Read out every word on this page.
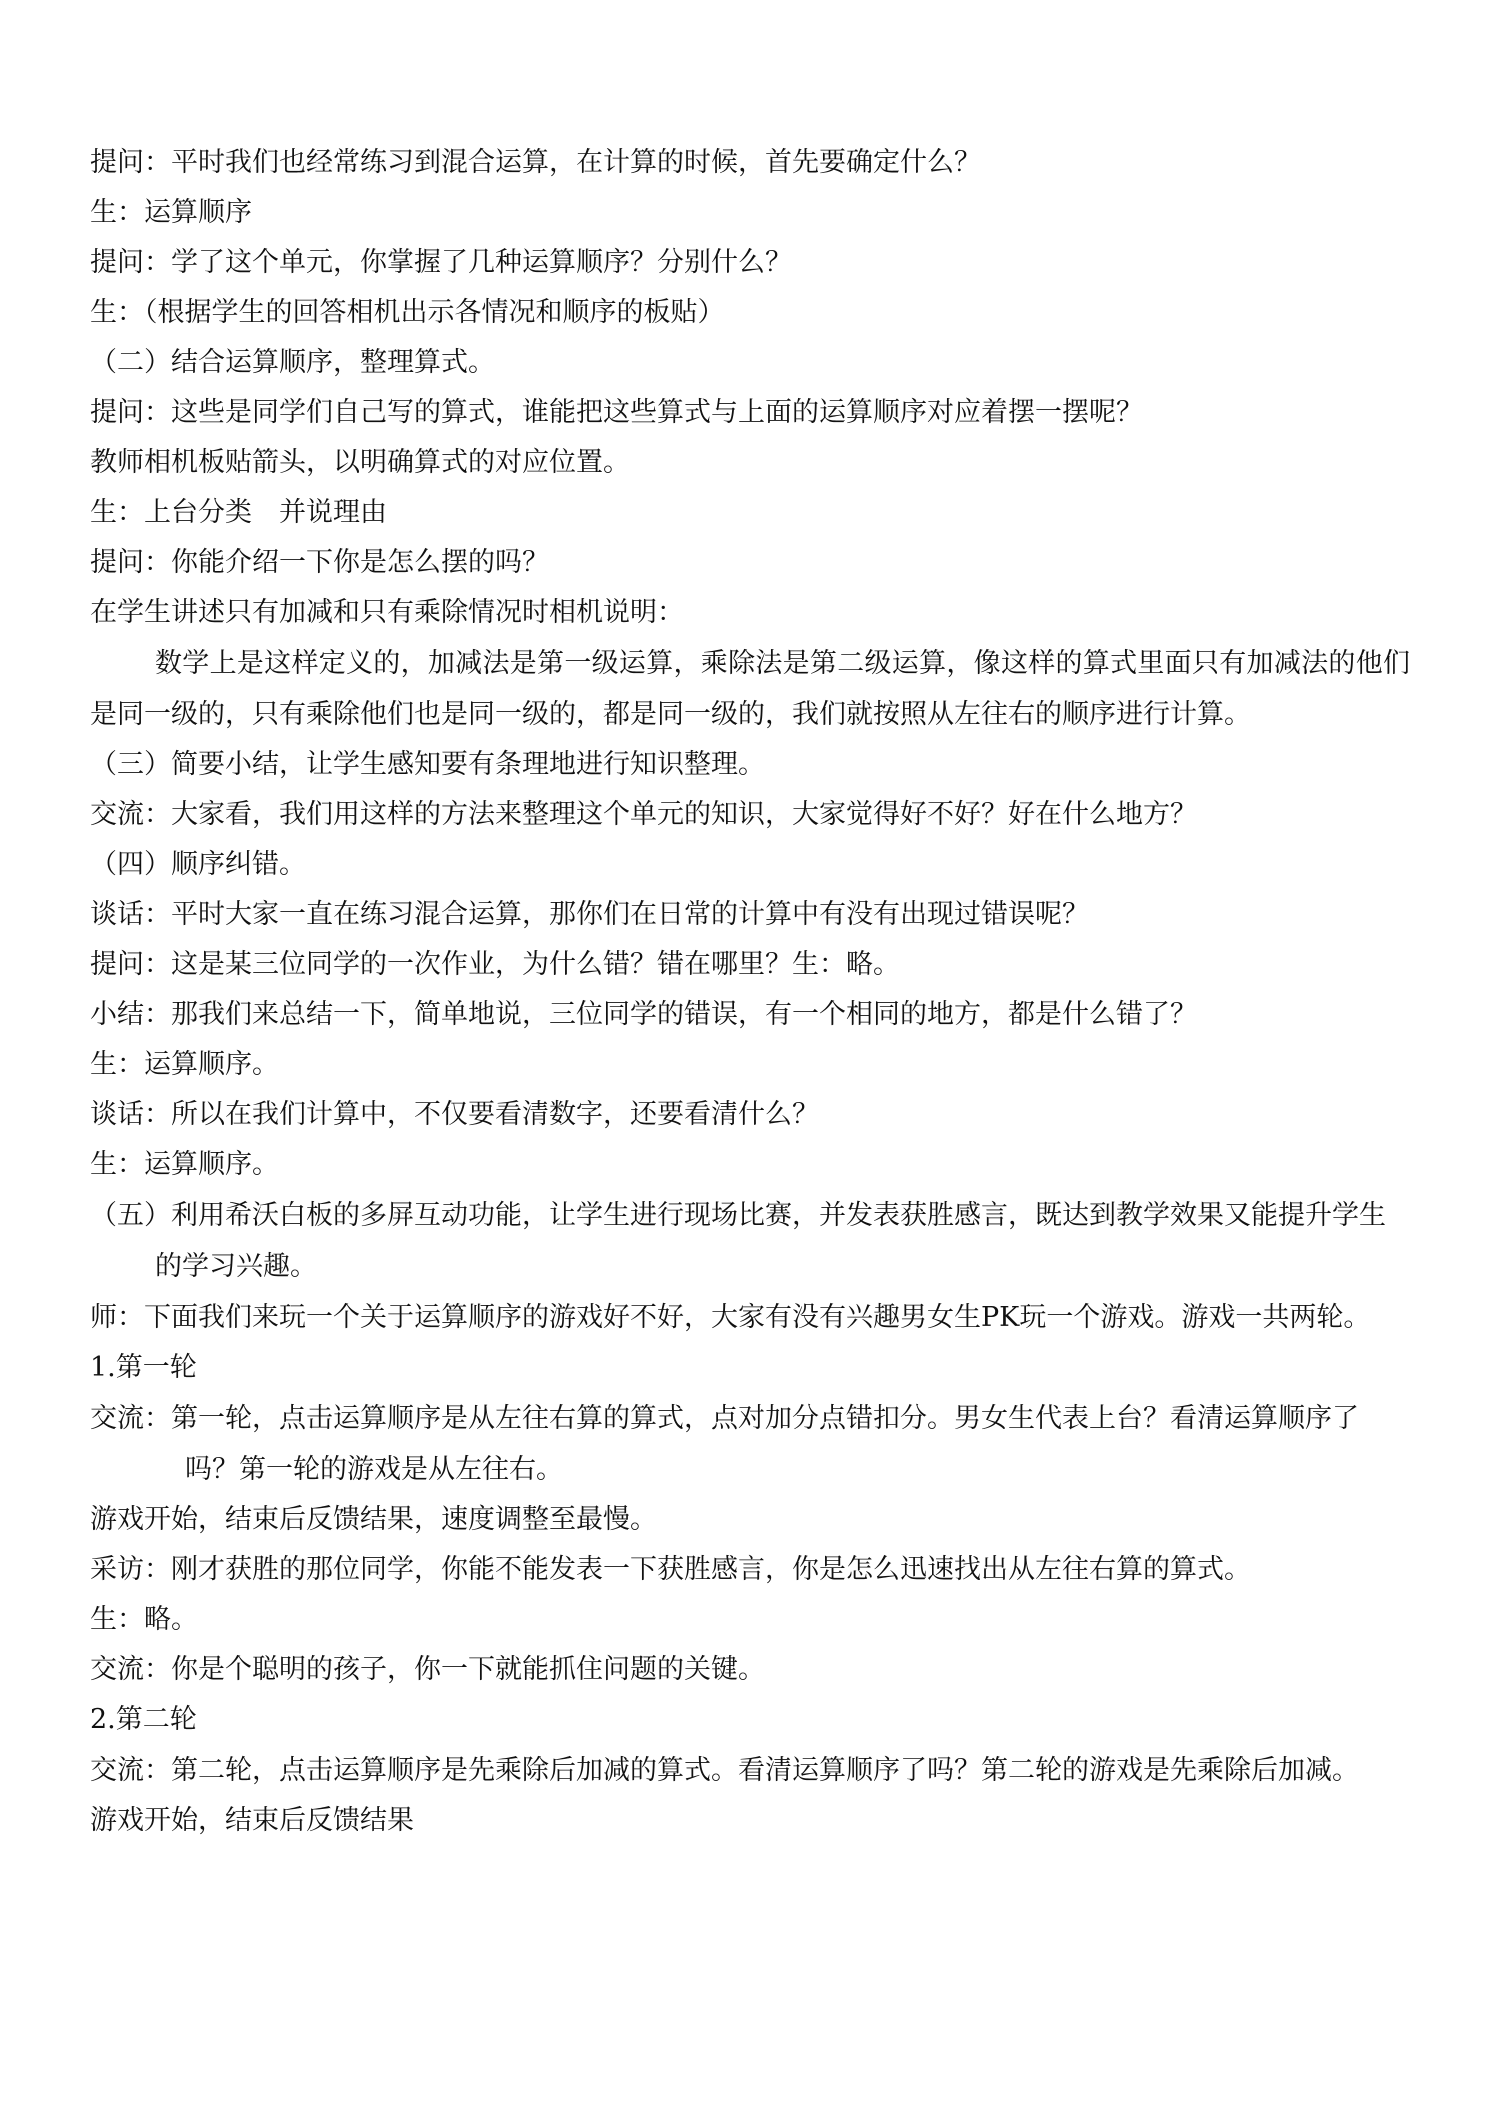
提问：平时我们也经常练习到混合运算，在计算的时候，首先要确定什么？
生：运算顺序
提问：学了这个单元，你掌握了几种运算顺序？分别什么？
生：（根据学生的回答相机出示各情况和顺序的板贴）
（二）结合运算顺序，整理算式。
提问：这些是同学们自己写的算式，谁能把这些算式与上面的运算顺序对应着摆一摆呢？
教师相机板贴箭头，以明确算式的对应位置。
生：上台分类　并说理由
提问：你能介绍一下你是怎么摆的吗？
在学生讲述只有加减和只有乘除情况时相机说明：
数学上是这样定义的，加减法是第一级运算，乘除法是第二级运算，像这样的算式里面只有加减法的他们是同一级的，只有乘除他们也是同一级的，都是同一级的，我们就按照从左往右的顺序进行计算。
（三）简要小结，让学生感知要有条理地进行知识整理。
交流：大家看，我们用这样的方法来整理这个单元的知识，大家觉得好不好？好在什么地方？
（四）顺序纠错。
谈话：平时大家一直在练习混合运算，那你们在日常的计算中有没有出现过错误呢？
提问：这是某三位同学的一次作业，为什么错？错在哪里？生：略。
小结：那我们来总结一下，简单地说，三位同学的错误，有一个相同的地方，都是什么错了？
生：运算顺序。
谈话：所以在我们计算中，不仅要看清数字，还要看清什么？
生：运算顺序。
（五）利用希沃白板的多屏互动功能，让学生进行现场比赛，并发表获胜感言，既达到教学效果又能提升学生的学习兴趣。
师：下面我们来玩一个关于运算顺序的游戏好不好，大家有没有兴趣男女生PK玩一个游戏。游戏一共两轮。
1.第一轮
交流：第一轮，点击运算顺序是从左往右算的算式，点对加分点错扣分。男女生代表上台？看清运算顺序了吗？第一轮的游戏是从左往右。
游戏开始，结束后反馈结果，速度调整至最慢。
采访：刚才获胜的那位同学，你能不能发表一下获胜感言，你是怎么迅速找出从左往右算的算式。
生：略。
交流：你是个聪明的孩子，你一下就能抓住问题的关键。
2.第二轮
交流：第二轮，点击运算顺序是先乘除后加减的算式。看清运算顺序了吗？第二轮的游戏是先乘除后加减。
游戏开始，结束后反馈结果
